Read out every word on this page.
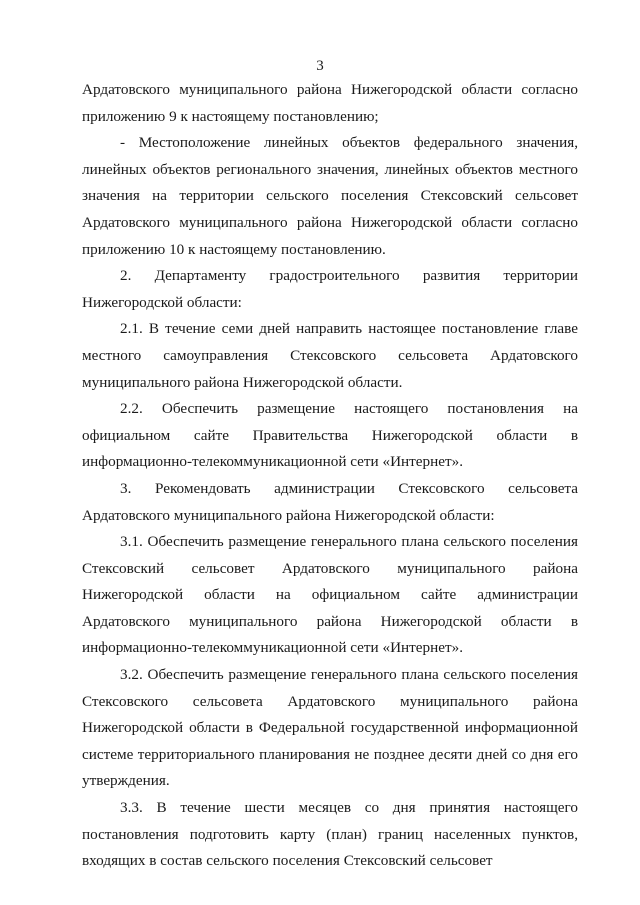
3

Ардатовского муниципального района Нижегородской области согласно приложению 9 к настоящему постановлению;

- Местоположение линейных объектов федерального значения, линейных объектов регионального значения, линейных объектов местного значения на территории сельского поселения Стексовский сельсовет Ардатовского муниципального района Нижегородской области согласно приложению 10 к настоящему постановлению.

2. Департаменту градостроительного развития территории Нижегородской области:

2.1. В течение семи дней направить настоящее постановление главе местного самоуправления Стексовского сельсовета Ардатовского муниципального района Нижегородской области.

2.2. Обеспечить размещение настоящего постановления на официальном сайте Правительства Нижегородской области в информационно-телекоммуникационной сети «Интернет».

3. Рекомендовать администрации Стексовского сельсовета Ардатовского муниципального района Нижегородской области:

3.1. Обеспечить размещение генерального плана сельского поселения Стексовский сельсовет Ардатовского муниципального района Нижегородской области на официальном сайте администрации Ардатовского муниципального района Нижегородской области в информационно-телекоммуникационной сети «Интернет».

3.2. Обеспечить размещение генерального плана сельского поселения Стексовского сельсовета Ардатовского муниципального района Нижегородской области в Федеральной государственной информационной системе территориального планирования не позднее десяти дней со дня его утверждения.

3.3. В течение шести месяцев со дня принятия настоящего постановления подготовить карту (план) границ населенных пунктов, входящих в состав сельского поселения Стексовский сельсовет
